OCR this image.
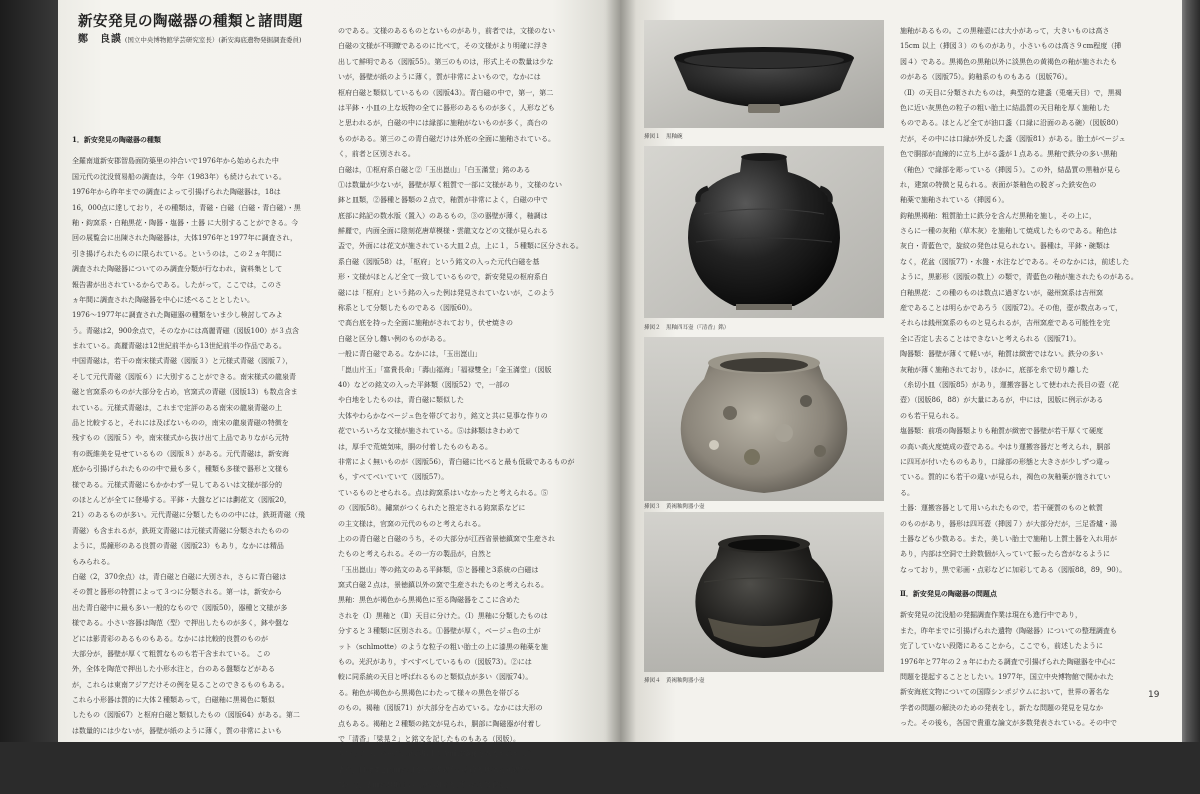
新安発見の陶磁器の種類と諸問題
鄭　良謨 (国立中央博物館学芸研究室長）(新安海底遺物発掘調査委員)
1．新安発見の陶磁器の種類
全羅南道新安郡智島面防築里の沖合いで1976年から始められた中
国元代の沈没貿易船の調査は，今年（1983年）も続けられている。
1976年から昨年までの調査によって引揚げられた陶磁器は，18は
16，000点に達しており，その種類は，青磁・白磁（白磁・青白磁）・黒
釉・鈞窯系・白釉黒花・陶器・塩器・土器 に大別することができる。今
回の展覧会に出陳された陶磁器は，大体1976年と1977年に調査され，
引き揚げられたものに限られている。というのは，この２ヵ年間に
調査された陶磁器についてのみ調査分類が行なわれ，資料集として
報告書が出されているからである。したがって，ここでは，このさ
ヵ年間に調査された陶磁器を中心に述べることとしたい。
1976～1977年に調査された陶磁器の種類をいま少し検討してみよ
う。青磁は2，900余点で，そのなかには高麗青磁（図版100）が３点含
まれている。高麗青磁は12世紀前半から13世紀前半の作品である。
中国青磁は，若干の南宋様式青磁（図版３）と元様式青磁（図版７），
そして元代青磁（図版６）に大別することができる。南宋様式の龍泉青
磁と官窯系のものが大部分を占め，官窯式の青磁（図版13）も数点含ま
れている。元様式青磁は，これまで定評のある南宋の龍泉青磁の上
品と比較すると，それには及ばないものの，南宋の龍泉青磁の特徴を
残すもの（図版５）や，南宋様式から抜け出て上品でありながら元特
有の既維美を見せているもの（図版８）がある。元代青磁は，新安海
底から引揚げられたものの中で最も多く，種類も多様で器形と文様も
様である。元様式青磁にもかかわず一見してあるいは文様が部分的
のほとんどが全てに登場する。平鉢・大盤などには劃花文（図版20，
21）のあるものが多い。元代青磁に分類したものの中には，鉄斑青磁（飛
青磁）も含まれるが，鉄斑文青磁には元様式青磁に分類されたものの
ように，馬鐘形のある良質の青磁（図版23）もあり，なかには精品
もみられる。
白磁（2，370余点）は，青白磁と白磁に大別され，さらに青白磁は
その質と器形の特質によって３つに分類される。第一は，新安から
出た青白磁中に最も多い一般的なもので（図版50），器種と文様が多
様である。小さい容器は陶范（型）で押出したものが多く，鉢や盤な
どには影青彩のあるものもある。なかには比較的良質のものが
大部分が，器壁が厚くて粗質なものも若干含まれている。 この
外，全体を陶范で押出した小形水注と，台のある盤類などがある
が，これらは東南アジアだけその例を見ることのできるものもある。
これら小形器は質的に大体２種類あって，白磁釉に黒褐色に類似
したもの（図版67）と枢府白磁と類似したもの（図版64）がある。第二
は数量的には少ないが，器壁が紙のように薄く，質の非常によいも
のである。文様のあるものとないものがあり，前者では，文様のない
白磁の文様が不明瞭であるのに比べて，その文様がより明確に浮き
出して鮮明である（図版55）。第三のものは，形式上その数量は少な
いが，器壁が紙のように薄く，質が非常によいもので，なかには
枢府白磁と類似しているもの（図版43）。青白磁の中で，第一，第二
は平鉢・小皿の上な坂物の全てに器形のあるものが多く，人形なども
と思われるが，白磁の中には縁部に施釉がないものが多く，高台の
ものがある。第三のこの青白磁だけは外底の全面に施釉されている。
く，前者と区別される。
白磁は，①枢府系白磁と②「玉出崑山」「白玉滿堂」銘のある
①は数量が少ないが，器壁が厚く粗質で一部に文様があり，文様のない
鉢と皿類，②器種と器類の２点で，釉質が非常によく，白磁の中で
底部に銘記の数水版（置入）のあるもの，③の器壁が薄く，釉調は
鮮麗で，内面全面に陰刻花唐草模様・雲龍文などの文様が見られる
盃で，外面には花文が施されている大皿２点，上に１，５種類に区分される。
系白磁（図版58）は，「枢府」という銘文の入った元代白磁を基
形・文様がほとんど全て一致しているもので，新安発見の枢府系白
磁には「枢府」という銘の入った例は発見されていないが，このよう
称系として分類したものである（図版60）。
で高台底を持った全面に施釉がされており，伏せ焼きの
白磁と区分し難い例のものがある。
一般に青白磁である。なかには，「玉出崑山」
「崑山片玉」「富貴長命」「壽山福海」「福禄雙全」「金玉滿堂」（図版
40）などの銘文の入った平鉢類（図版52）で，一部の
や白地をしたものは，青白磁に類似した
大体やわらかなベージュ色を帯びており，銘文と共に見事な作りの
花でいろいろな文様が施されている。⑤は鉢類はきわめて
は，厚手で荒焼気味，胴の付着したものもある。
非常によく無いものが（図版56），青白磁に比べると最も低級であるものが
も，すべてべいていて（図版57）。
ているものとせられる。点は鈞窯系はいなかったと考えられる。⑤
の（図版58）。鏽窯がつくられたと推定される鈞窯系などに
の主文様は，官窯の元代のものと考えられる。
上のの青白磁と白磁のうち，その大部分が江西省景徳鎮窯で生産され
たものと考えられる。その一方の製品が，自然と
「玉出崑山」等の銘文のある平鉢類，⑤と器種と3系統の白磁は
窯式白磁２点は，景徳鎮以外の窯で生産されたものと考えられる。
黒釉：黒色が褐色から黒褐色に至る陶磁器をここに含めた
されを（Ⅰ）黒釉と（Ⅱ）天目に分けた。（Ⅰ）黒釉に分類したものは
分すると３種類に区別される。①器壁が厚く，ベージュ色の土が
ット（schlmotte）のような粒子の粗い胎土の上に漆黒の釉薬を施
もの。光沢があり，すべすべしているもの（図版73）。②には
較に同系統の天目と呼ばれるものと類似点が多い（図版74）。
る。釉色が褐色から黒褐色にわたって様々の黒色を帯びる
のもの。褐釉（図版71）が大部分を占めている。なかには大形の
点もある。褐釉と２種類の銘文が見られ，胴部に陶磁器が付着し
で「清香」「梁晃２」と銘文を記したものもある（図版）。
灰色あるいはベージュ色の胎土を全面に施釉されたものもあり，
者や，口縁部と内面に付された茶褐色の釉薬を彫めた黄褐色の
器）で，表面には胎土の文様の外形を摸写にも類似し，
挿図１　黒釉碗
挿図２　黒釉四耳壺（『清香』銘）
挿図３　黄褐釉陶器小壺
挿図４　黄褐釉陶器小壺
施釉があるもの。この黒釉壺には大小があって，大きいものは高さ
15cm 以上（挿図３）のものがあり，小さいものは高さ９cm程度（挿
図４）である。黒褐色の黒釉以外に淡黒色の黄褐色の釉が施されたも
のがある（図版75）。鈞釉系のものもある（図版76）。
（Ⅱ）の天目に分類されたものは，典型的な建盞（兎毫天目）で，黒褐
色に近い灰黒色の粒子の粗い胎土に結晶質の天目釉を厚く施釉した
ものである。ほとんど全てが油口盞（口縁に沿面のある碗）（図版80）
だが，その中には口縁が外反した盞（図版81）がある。胎土がベージュ
色で胴部が直線的に立ち上がる盞が１点ある。黒釉で鉄分の多い黒釉
（釉色）で縁部を彫っている（挿図５）。この外，結晶質の黒釉が見ら
れ，建窯の特徴と見られる。表面が茶釉色の脱ぎった鉄安色の
釉薬で施釉されている（挿図６）。
鈞釉黒褐釉：粗質胎土に鉄分を含んだ黒釉を施し，その上に，
さらに一種の灰釉（草木灰）を施釉して焼成したものである。釉色は
灰白・青藍色で，旋紋の発色は見られない。器種は，平鉢・碗類は
なく，花盆（図版77）・水盤・水注などである。そのなかには，前述した
ように，黒影形（図版の数上）の類で，青藍色の釉が施されたものがある。
白釉黒花：この種のものは数点に過ぎないが，磁州窯系は吉州窯
産であることは明らかであろう（図版72）。その他，壺が数点あって，
それらは銭州窯系のものと見られるが，吉州窯産である可能性を完
全に否定し去ることはできないと考えられる（図版71）。
陶器類：器壁が薄くて軽いが，釉質は緻密ではない。鉄分の多い
灰釉が薄く施釉されており，ほかに，底部を糸で切り離した
（糸切小皿（図版85）があり，運搬容器として使われた長目の壺（花
壺）（図版86，88）が大量にあるが，中には，図版に例示がある
のも若干見られる。
塩器類：前項の陶器類よりも釉質が緻密で器壁が若干厚くて硬度
の高い高火度焼成の壺である。やはり運搬容器だと考えられ，胴部
に四耳が付いたものもあり，口縁部の形態と大きさが少しずつ違っ
ている。質的にも若干の違いが見られ，褐色の灰釉薬が施されてい
る。
土器：運搬容器として用いられたもので，若干硬質のものと軟質
のものがあり，器形は四耳壺（挿図７）が大部分だが，三足香爐・湯
土器なども少数ある。また，美しい胎土で施釉し上質土器を入れ用が
あり，内部は空洞で土鈴数個が入っていて振ったら音がなるように
なっており，黒で彩画・点彩などに加彩してある（図版88，89，90）。
Ⅱ．新安発見の陶磁器の問題点
新安発見の沈没船の発掘調査作業は現在も進行中であり，
また，昨年までに引揚げられた遺物（陶磁器）についての整理調査も
完了していない段階にあることから，ここでも，前述したように
1976年と77年の２ヵ年にわたる調査で引揚げられた陶磁器を中心に
問題を提起することとしたい。1977年，国立中央博物館で開かれた
新安海底文物についての国際シンポジウムにおいて，世界の著名な
学者の問題の解決のための発表をし，新たな問題の発見を見なか
った。その後も，各国で貴重な論文が多数発表されている。その中で
19
